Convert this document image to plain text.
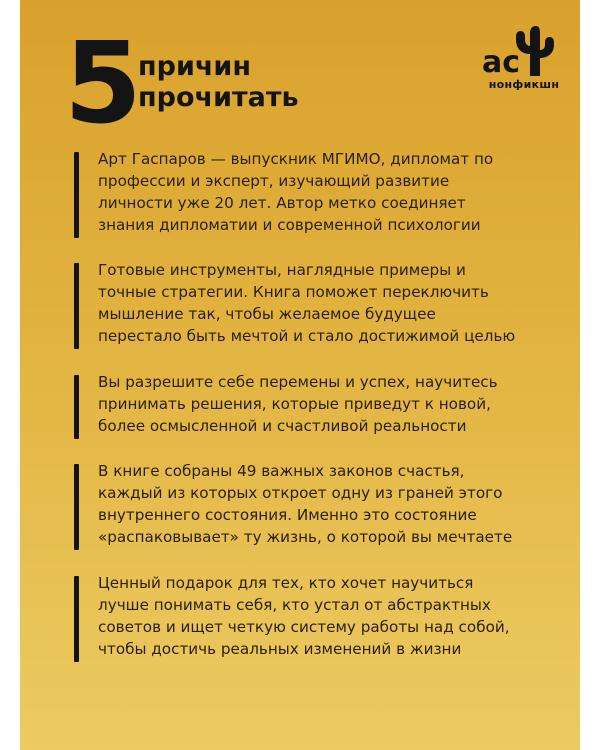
5
причин
прочитать
ас
нонфикшн
Арт Гаспаров — выпускник МГИМО, дипломат по
профессии и эксперт, изучающий развитие
личности уже 20 лет. Автор метко соединяет
знания дипломатии и современной психологии
Готовые инструменты, наглядные примеры и
точные стратегии. Книга поможет переключить
мышление так, чтобы желаемое будущее
перестало быть мечтой и стало достижимой целью
Вы разрешите себе перемены и успех, научитесь
принимать решения, которые приведут к новой,
более осмысленной и счастливой реальности
В книге собраны 49 важных законов счастья,
каждый из которых откроет одну из граней этого
внутреннего состояния. Именно это состояние
«распаковывает» ту жизнь, о которой вы мечтаете
Ценный подарок для тех, кто хочет научиться
лучше понимать себя, кто устал от абстрактных
советов и ищет четкую систему работы над собой,
чтобы достичь реальных изменений в жизни
